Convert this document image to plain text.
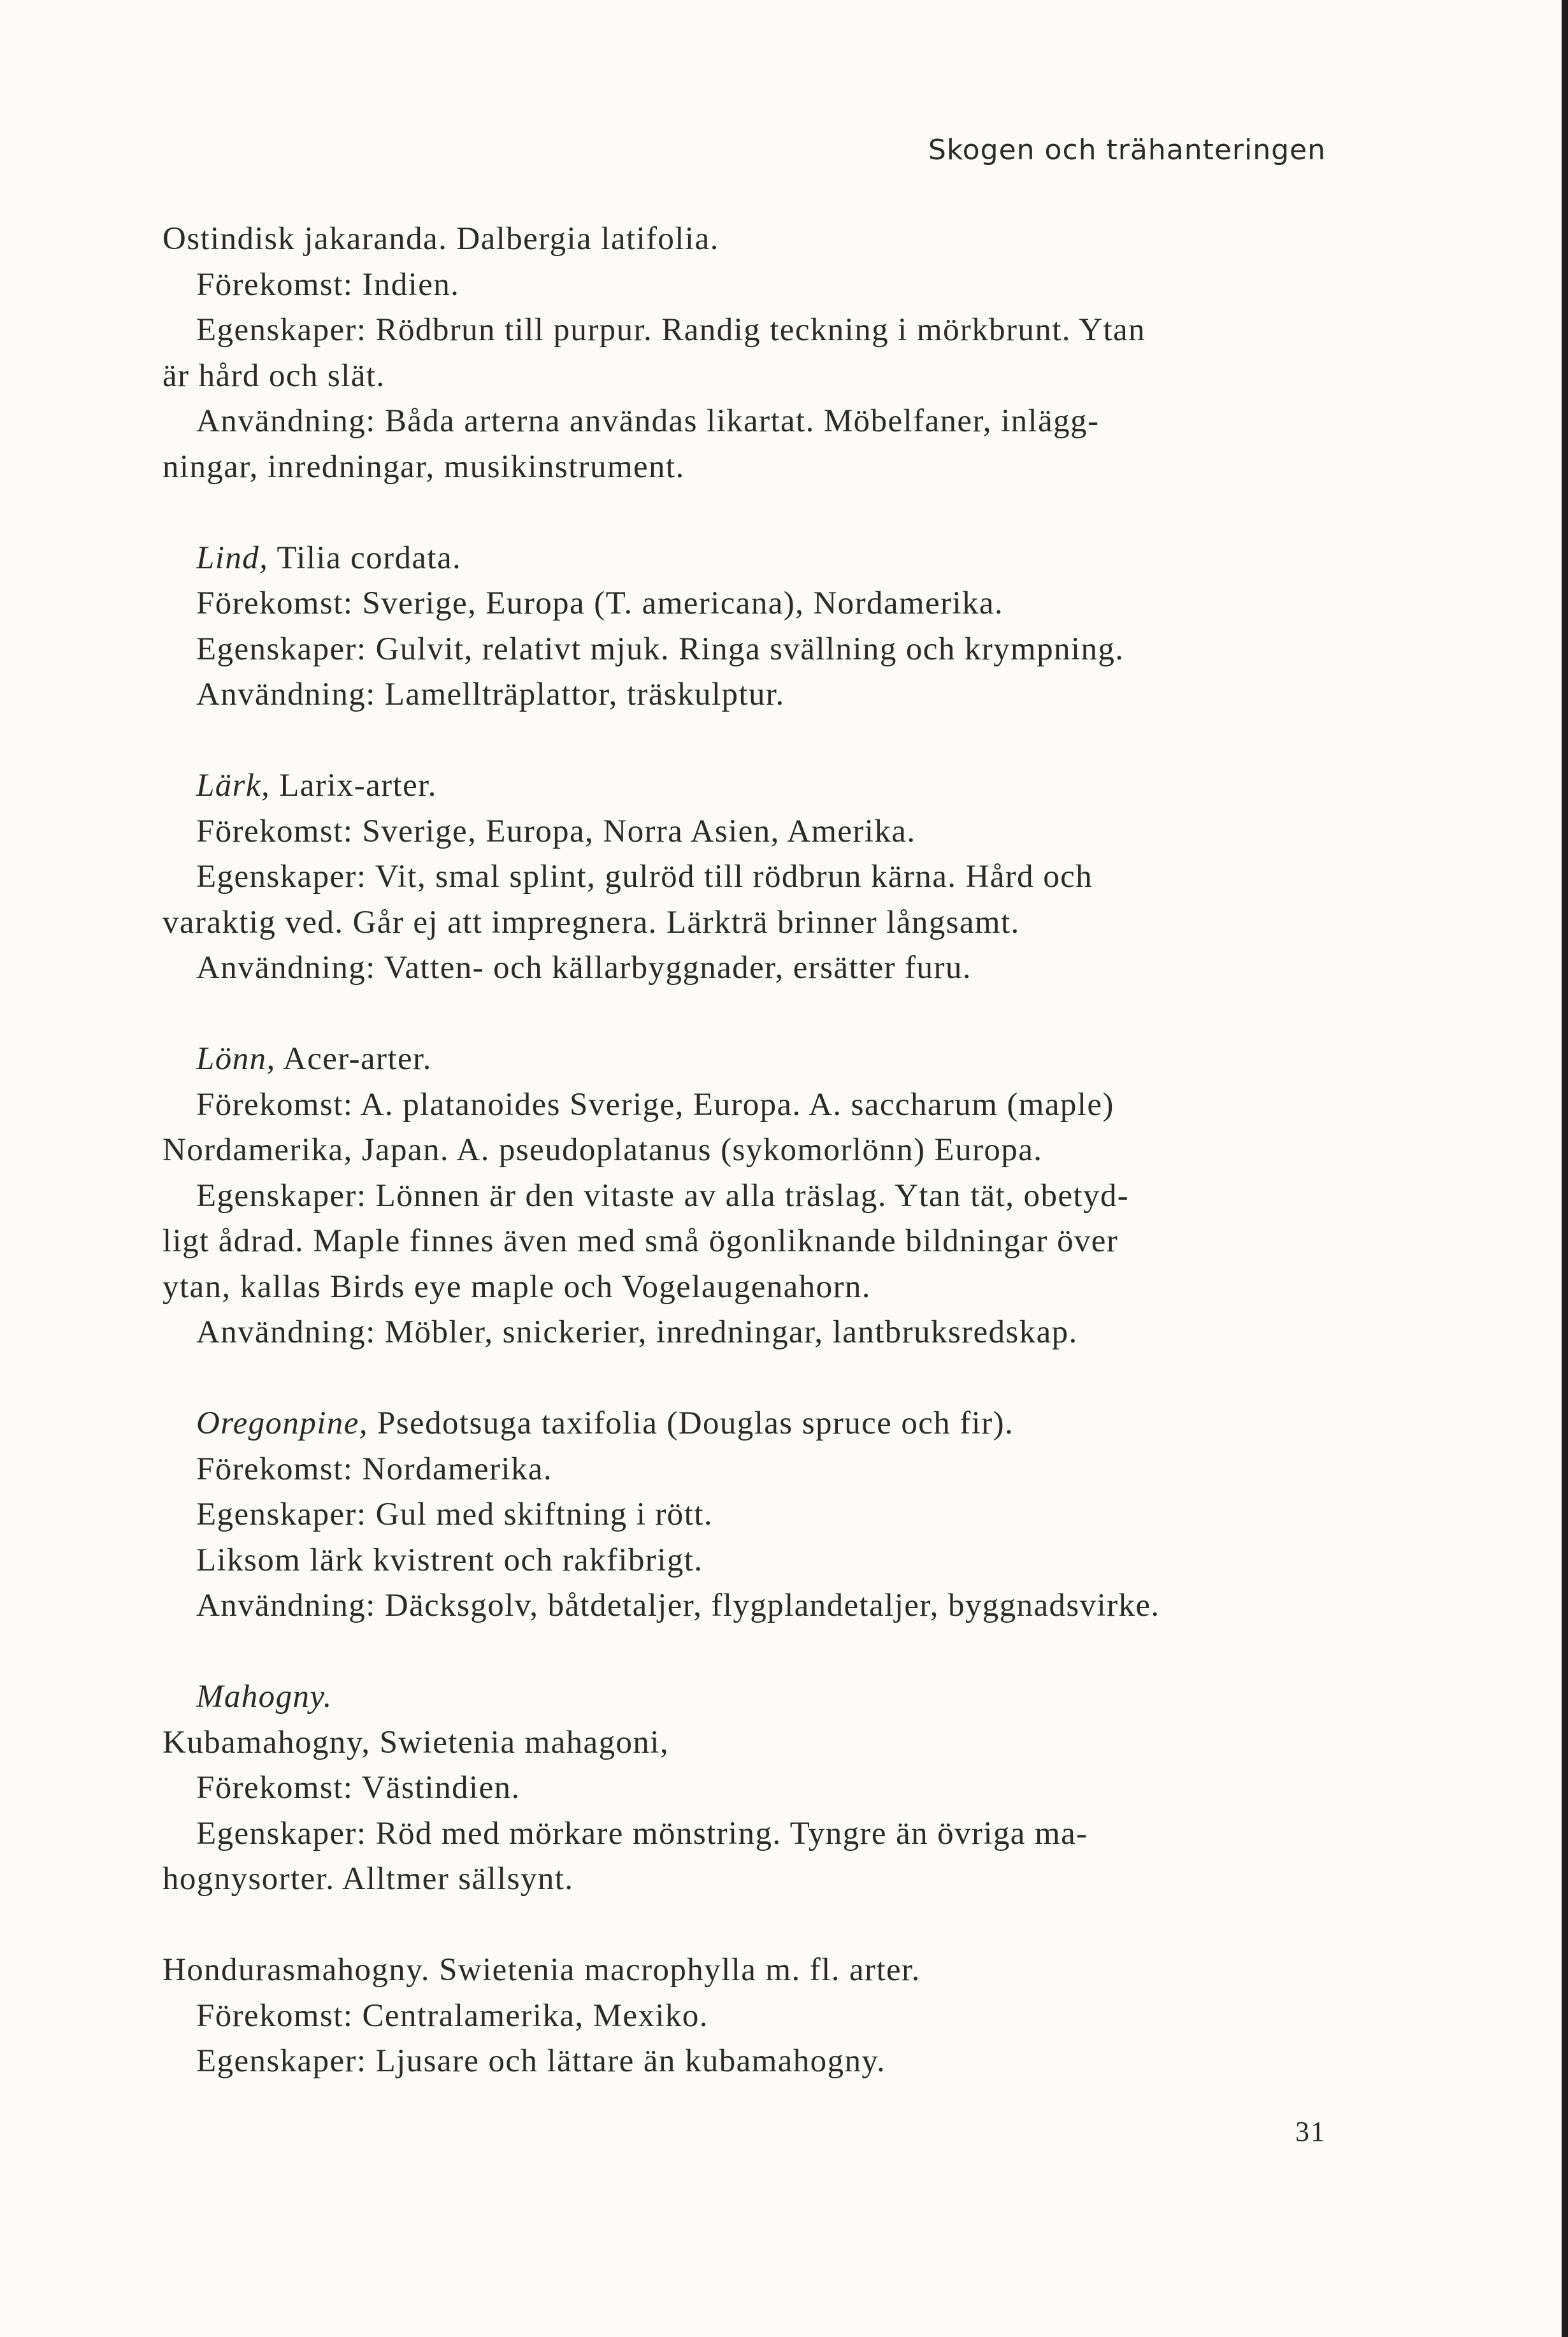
Skogen och trähanteringen
Ostindisk jakaranda. Dalbergia latifolia.
Förekomst: Indien.
Egenskaper: Rödbrun till purpur. Randig teckning i mörkbrunt. Ytan
är hård och slät.
Användning: Båda arterna användas likartat. Möbelfaner, inlägg-
ningar, inredningar, musikinstrument.
Lind, Tilia cordata.
Förekomst: Sverige, Europa (T. americana), Nordamerika.
Egenskaper: Gulvit, relativt mjuk. Ringa svällning och krympning.
Användning: Lamellträplattor, träskulptur.
Lärk, Larix-arter.
Förekomst: Sverige, Europa, Norra Asien, Amerika.
Egenskaper: Vit, smal splint, gulröd till rödbrun kärna. Hård och
varaktig ved. Går ej att impregnera. Lärkträ brinner långsamt.
Användning: Vatten- och källarbyggnader, ersätter furu.
Lönn, Acer-arter.
Förekomst: A. platanoides Sverige, Europa. A. saccharum (maple)
Nordamerika, Japan. A. pseudoplatanus (sykomorlönn) Europa.
Egenskaper: Lönnen är den vitaste av alla träslag. Ytan tät, obetyd-
ligt ådrad. Maple finnes även med små ögonliknande bildningar över
ytan, kallas Birds eye maple och Vogelaugenahorn.
Användning: Möbler, snickerier, inredningar, lantbruksredskap.
Oregonpine, Psedotsuga taxifolia (Douglas spruce och fir).
Förekomst: Nordamerika.
Egenskaper: Gul med skiftning i rött.
Liksom lärk kvistrent och rakfibrigt.
Användning: Däcksgolv, båtdetaljer, flygplandetaljer, byggnadsvirke.
Mahogny.
Kubamahogny, Swietenia mahagoni,
Förekomst: Västindien.
Egenskaper: Röd med mörkare mönstring. Tyngre än övriga ma-
hognysorter. Alltmer sällsynt.
Hondurasmahogny. Swietenia macrophylla m. fl. arter.
Förekomst: Centralamerika, Mexiko.
Egenskaper: Ljusare och lättare än kubamahogny.
31
